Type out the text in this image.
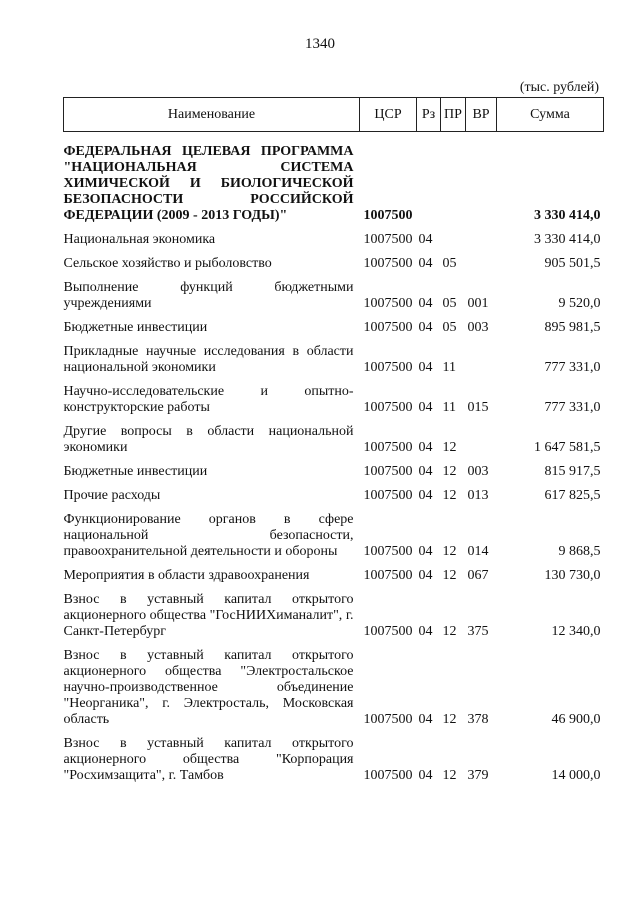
1340
(тыс. рублей)
Наименование	ЦСР	Рз	ПР	ВР	Сумма
ФЕДЕРАЛЬНАЯ ЦЕЛЕВАЯ ПРОГРАММА "НАЦИОНАЛЬНАЯ СИСТЕМА ХИМИЧЕСКОЙ И БИОЛОГИЧЕСКОЙ БЕЗОПАСНОСТИ РОССИЙСКОЙ ФЕДЕРАЦИИ (2009 - 2013 ГОДЫ)"	1007500				3 330 414,0
Национальная экономика	1007500	04			3 330 414,0
Сельское хозяйство и рыболовство	1007500	04	05		905 501,5
Выполнение функций бюджетными учреждениями	1007500	04	05	001	9 520,0
Бюджетные инвестиции	1007500	04	05	003	895 981,5
Прикладные научные исследования в области национальной экономики	1007500	04	11		777 331,0
Научно-исследовательские и опытно-конструкторские работы	1007500	04	11	015	777 331,0
Другие вопросы в области национальной экономики	1007500	04	12		1 647 581,5
Бюджетные инвестиции	1007500	04	12	003	815 917,5
Прочие расходы	1007500	04	12	013	617 825,5
Функционирование органов в сфере национальной безопасности, правоохранительной деятельности и обороны	1007500	04	12	014	9 868,5
Мероприятия в области здравоохранения	1007500	04	12	067	130 730,0
Взнос в уставный капитал открытого акционерного общества "ГосНИИХиманалит", г. Санкт-Петербург	1007500	04	12	375	12 340,0
Взнос в уставный капитал открытого акционерного общества "Электростальское научно-производственное объединение "Неорганика", г. Электросталь, Московская область	1007500	04	12	378	46 900,0
Взнос в уставный капитал открытого акционерного общества "Корпорация "Росхимзащита", г. Тамбов	1007500	04	12	379	14 000,0
